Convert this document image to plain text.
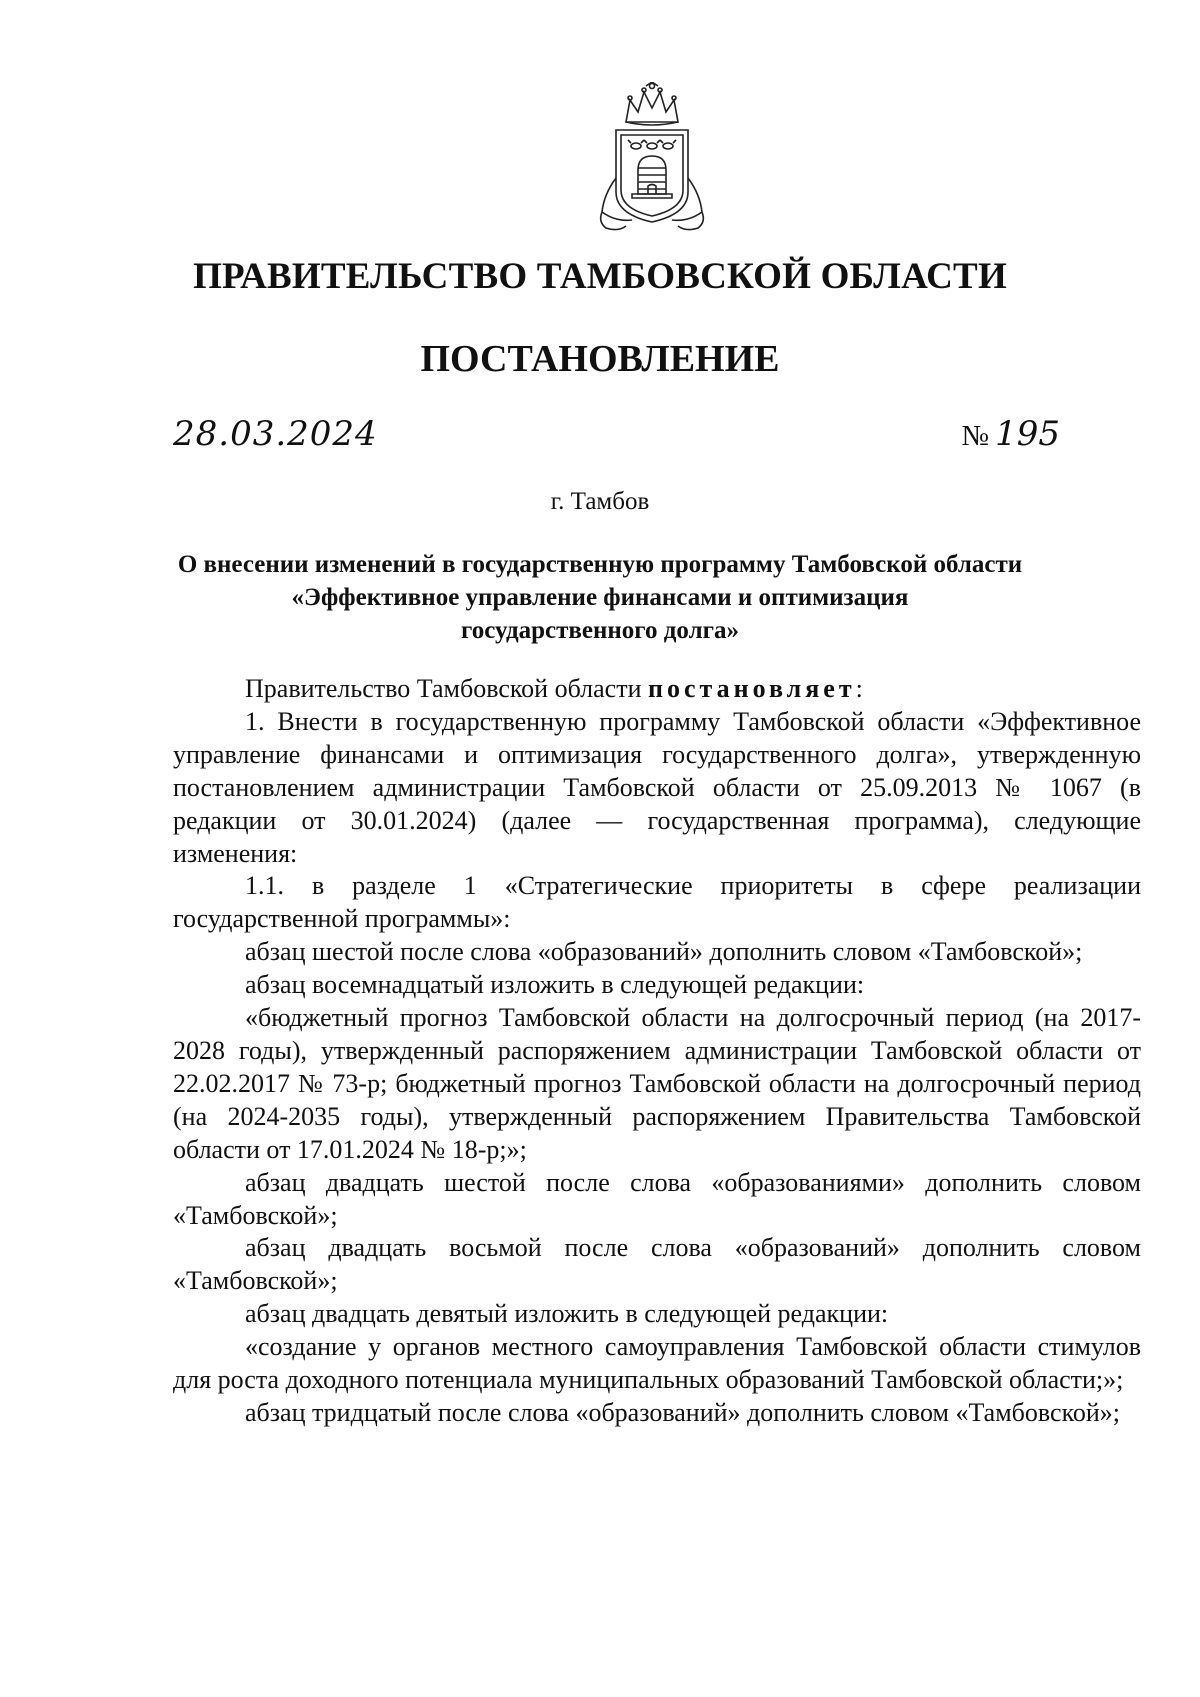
ПРАВИТЕЛЬСТВО ТАМБОВСКОЙ ОБЛАСТИ
ПОСТАНОВЛЕНИЕ
28.03.2024	№ 195
г. Тамбов
О внесении изменений в государственную программу Тамбовской области
«Эффективное управление финансами и оптимизация
государственного долга»

Правительство Тамбовской области постановляет:

1. Внести в государственную программу Тамбовской области «Эффективное управление финансами и оптимизация государственного долга», утвержденную постановлением администрации Тамбовской области от 25.09.2013 № 1067 (в редакции от 30.01.2024) (далее — государственная программа), следующие изменения:

1.1. в разделе 1 «Стратегические приоритеты в сфере реализации государственной программы»:

абзац шестой после слова «образований» дополнить словом «Тамбовской»;

абзац восемнадцатый изложить в следующей редакции:

«бюджетный прогноз Тамбовской области на долгосрочный период (на 2017-2028 годы), утвержденный распоряжением администрации Тамбовской области от 22.02.2017 № 73-р; бюджетный прогноз Тамбовской области на долгосрочный период (на 2024-2035 годы), утвержденный распоряжением Правительства Тамбовской области от 17.01.2024 № 18-р;»;

абзац двадцать шестой после слова «образованиями» дополнить словом «Тамбовской»;

абзац двадцать восьмой после слова «образований» дополнить словом «Тамбовской»;

абзац двадцать девятый изложить в следующей редакции:

«создание у органов местного самоуправления Тамбовской области стимулов для роста доходного потенциала муниципальных образований Тамбовской области;»;

абзац тридцатый после слова «образований» дополнить словом «Тамбовской»;
